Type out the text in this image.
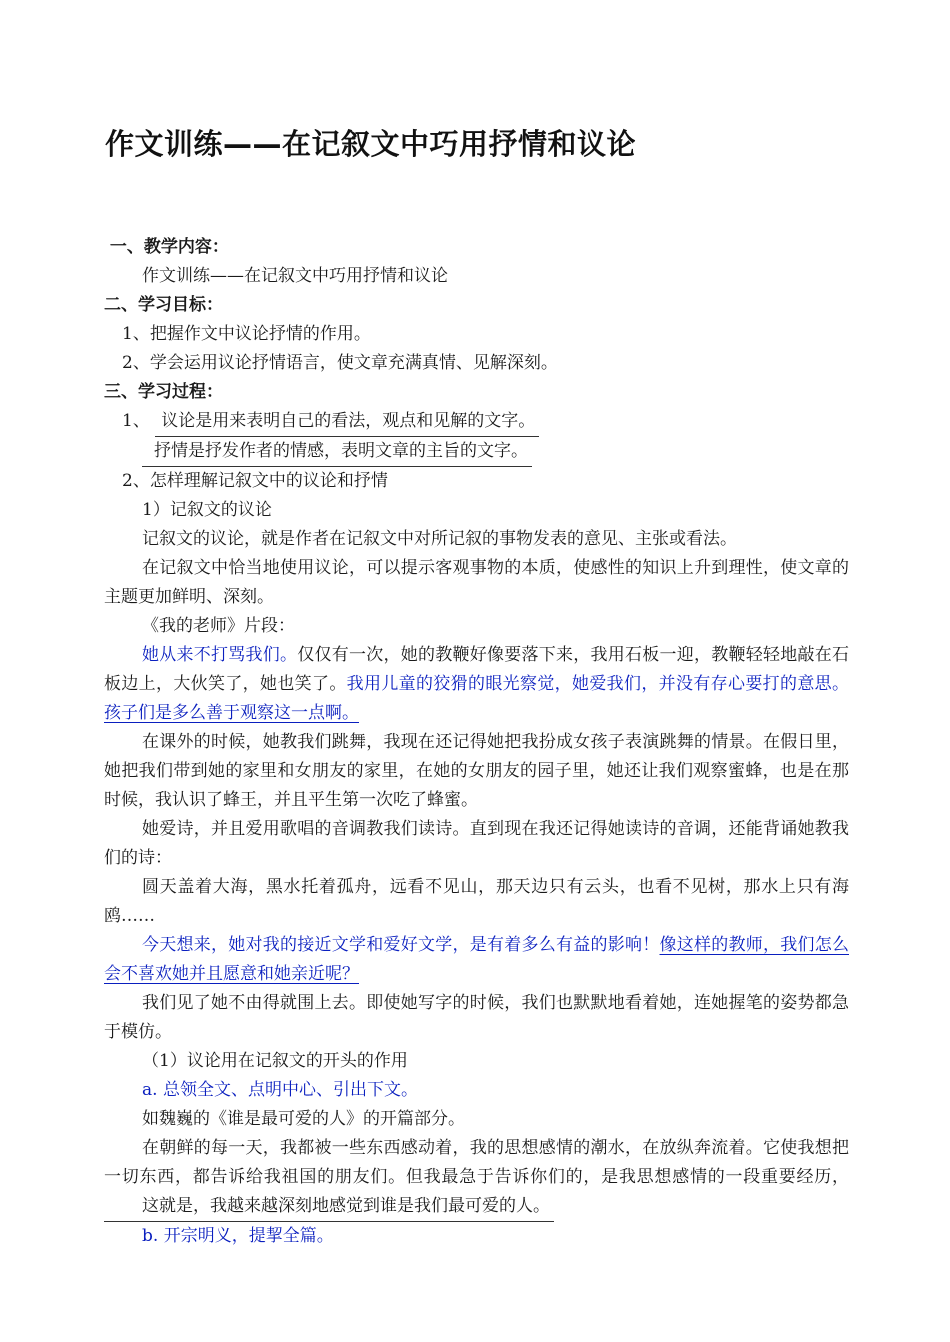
作文训练——在记叙文中巧用抒情和议论

一、教学内容：

作文训练——在记叙文中巧用抒情和议论

二、学习目标：

1、把握作文中议论抒情的作用。

2、学会运用议论抒情语言，使文章充满真情、见解深刻。

三、学习过程：

1、 议论是用来表明自己的看法，观点和见解的文字。

抒情是抒发作者的情感，表明文章的主旨的文字。

2、怎样理解记叙文中的议论和抒情

1）记叙文的议论

记叙文的议论，就是作者在记叙文中对所记叙的事物发表的意见、主张或看法。

在记叙文中恰当地使用议论，可以提示客观事物的本质，使感性的知识上升到理性，使文章的主题更加鲜明、深刻。

《我的老师》片段：

她从来不打骂我们。仅仅有一次，她的教鞭好像要落下来，我用石板一迎，教鞭轻轻地敲在石板边上，大伙笑了，她也笑了。我用儿童的狡猾的眼光察觉，她爱我们，并没有存心要打的意思。孩子们是多么善于观察这一点啊。

在课外的时候，她教我们跳舞，我现在还记得她把我扮成女孩子表演跳舞的情景。在假日里，她把我们带到她的家里和女朋友的家里，在她的女朋友的园子里，她还让我们观察蜜蜂，也是在那时候，我认识了蜂王，并且平生第一次吃了蜂蜜。

她爱诗，并且爱用歌唱的音调教我们读诗。直到现在我还记得她读诗的音调，还能背诵她教我们的诗：

圆天盖着大海，黑水托着孤舟，远看不见山，那天边只有云头，也看不见树，那水上只有海鸥……

今天想来，她对我的接近文学和爱好文学，是有着多么有益的影响！像这样的教师，我们怎么会不喜欢她并且愿意和她亲近呢？

我们见了她不由得就围上去。即使她写字的时候，我们也默默地看着她，连她握笔的姿势都急于模仿。

（1）议论用在记叙文的开头的作用

a. 总领全文、点明中心、引出下文。

如魏巍的《谁是最可爱的人》的开篇部分。

在朝鲜的每一天，我都被一些东西感动着，我的思想感情的潮水，在放纵奔流着。它使我想把一切东西，都告诉给我祖国的朋友们。但我最急于告诉你们的，是我思想感情的一段重要经历，这就是，我越来越深刻地感觉到谁是我们最可爱的人。

b. 开宗明义，提挈全篇。
